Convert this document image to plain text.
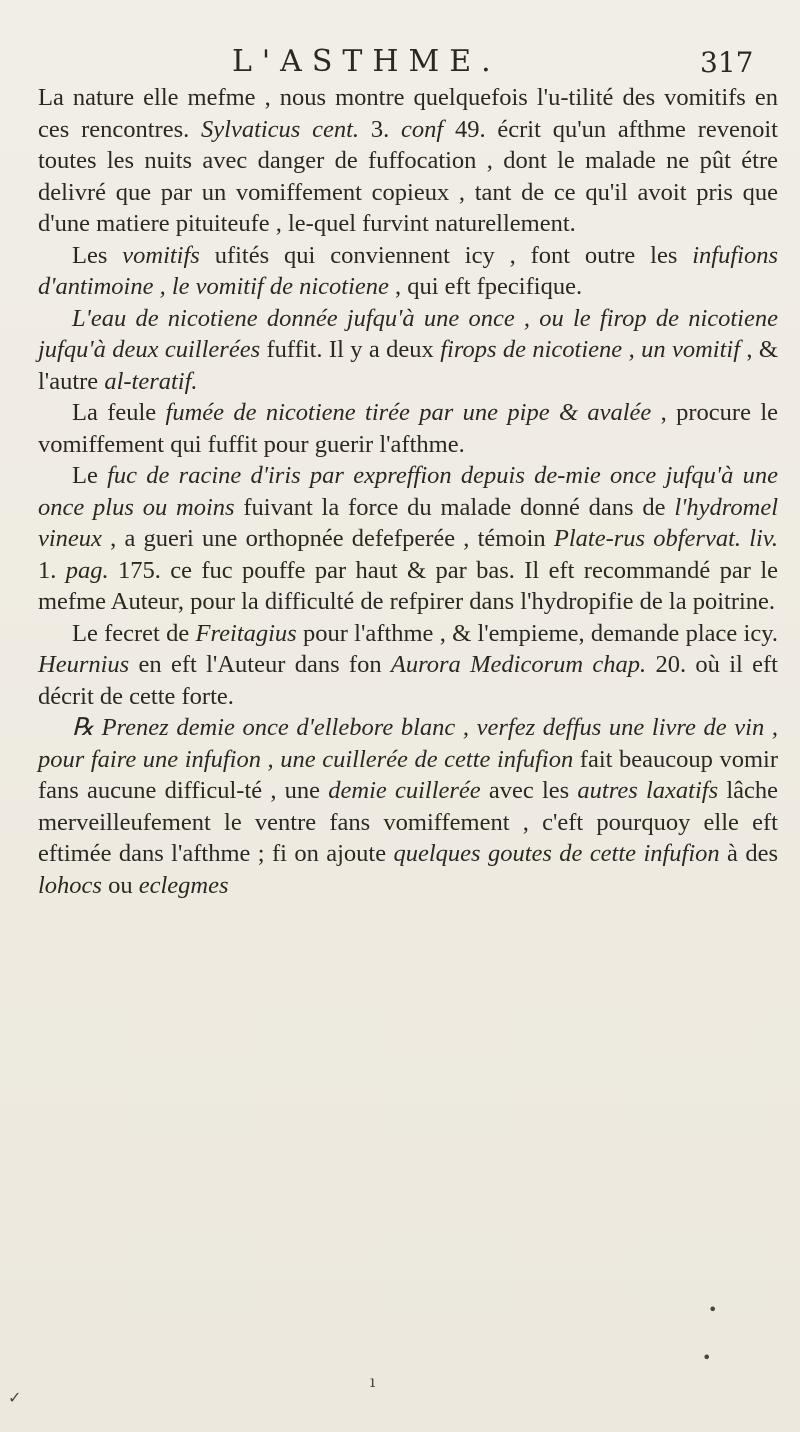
L'ASTHME.	317

La nature elle mefme , nous montre quelquefois l'u-tilité des vomitifs en ces rencontres. Sylvaticus cent. 3. conf 49. écrit qu'un afthme revenoit toutes les nuits avec danger de fuffocation , dont le malade ne pût étre delivré que par un vomiffement copieux , tant de ce qu'il avoit pris que d'une matiere pituiteufe , le-quel furvint naturellement.

Les vomitifs ufités qui conviennent icy , font outre les infufions d'antimoine , le vomitif de nicotiene , qui eft fpecifique.

L'eau de nicotiene donnée jufqu'à une once , ou le firop de nicotiene jufqu'à deux cuillerées fuffit. Il y a deux firops de nicotiene , un vomitif , & l'autre al-teratif.

La feule fumée de nicotiene tirée par une pipe & avalée , procure le vomiffement qui fuffit pour guerir l'afthme.

Le fuc de racine d'iris par expreffion depuis de-mie once jufqu'à une once plus ou moins fuivant la force du malade donné dans de l'hydromel vineux , a gueri une orthopnée defefperée , témoin Plate-rus obfervat. liv. 1. pag. 175. ce fuc pouffe par haut & par bas. Il eft recommandé par le mefme Auteur, pour la difficulté de refpirer dans l'hydropifie de la poitrine.

Le fecret de Freitagius pour l'afthme , & l'empieme, demande place icy. Heurnius en eft l'Auteur dans fon Aurora Medicorum chap. 20. où il eft décrit de cette forte.

℞ Prenez demie once d'ellebore blanc , verfez deffus une livre de vin , pour faire une infufion , une cuillerée de cette infufion fait beaucoup vomir fans aucune difficul-té , une demie cuillerée avec les autres laxatifs lâche merveilleufement le ventre fans vomiffement , c'eft pourquoy elle eft eftimée dans l'afthme ; fi on ajoute quelques goutes de cette infufion à des lohocs ou eclegmes

•
•
ı
✓
